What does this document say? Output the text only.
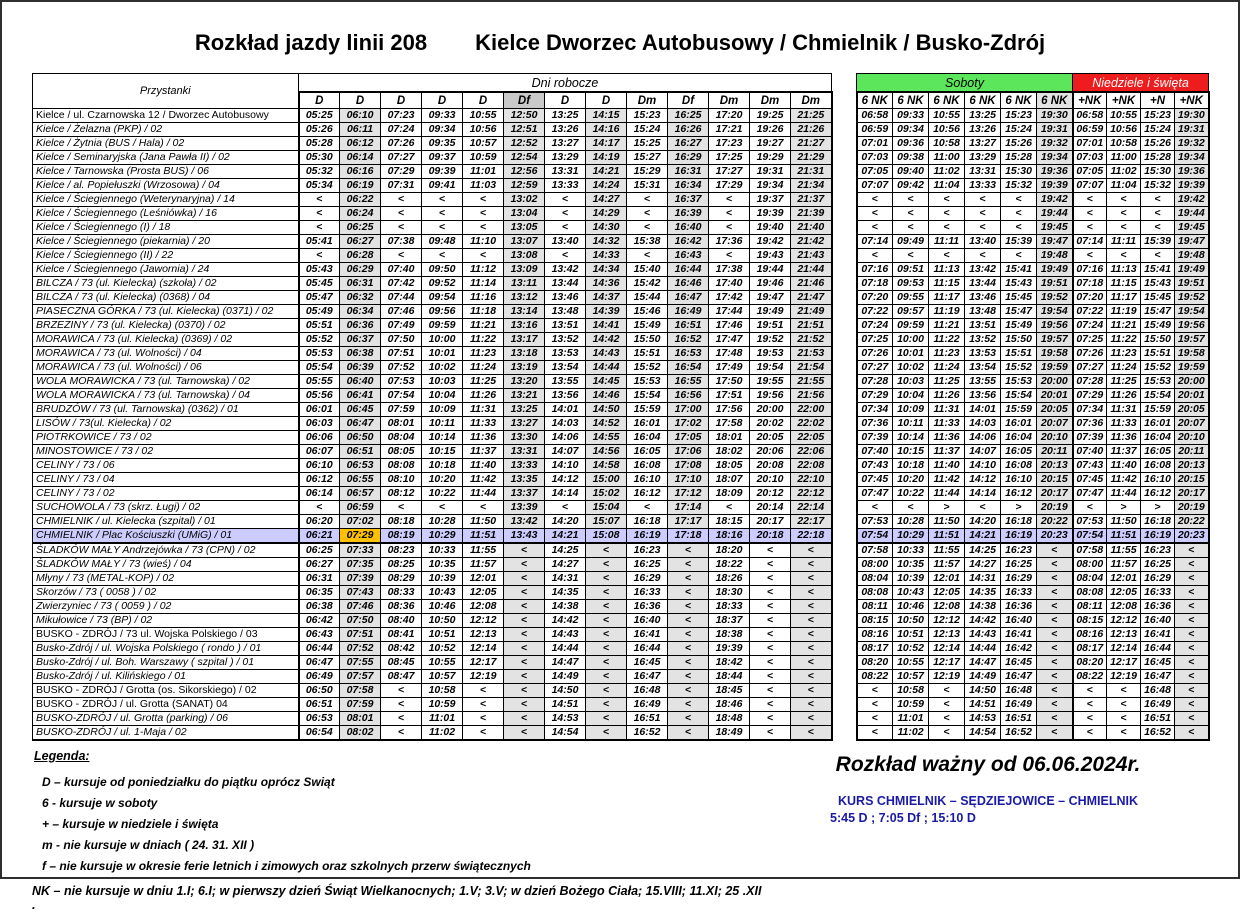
Rozkład jazdy linii 208 Kielce Dworzec Autobusowy / Chmielnik / Busko-Zdrój
Przystanki	Dni robocze														Soboty						Niedziele i święta			
	D	D	D	D	D	Df	D	D	Dm	Df	Dm	Dm	Dm		6 NK	6 NK	6 NK	6 NK	6 NK	6 NK	+NK	+NK	+N	+NK
Kielce / ul. Czarnowska 12 / Dworzec Autobusowy	05:25	06:10	07:23	09:33	10:55	12:50	13:25	14:15	15:23	16:25	17:20	19:25	21:25		06:58	09:33	10:55	13:25	15:23	19:30	06:58	10:55	15:23	19:30
Kielce / Żelazna (PKP) / 02	05:26	06:11	07:24	09:34	10:56	12:51	13:26	14:16	15:24	16:26	17:21	19:26	21:26		06:59	09:34	10:56	13:26	15:24	19:31	06:59	10:56	15:24	19:31
Kielce / Żytnia (BUS / Hala) / 02	05:28	06:12	07:26	09:35	10:57	12:52	13:27	14:17	15:25	16:27	17:23	19:27	21:27		07:01	09:36	10:58	13:27	15:26	19:32	07:01	10:58	15:26	19:32
Kielce / Seminaryjska (Jana Pawła II) / 02	05:30	06:14	07:27	09:37	10:59	12:54	13:29	14:19	15:27	16:29	17:25	19:29	21:29		07:03	09:38	11:00	13:29	15:28	19:34	07:03	11:00	15:28	19:34
Kielce / Tarnowska (Prosta BUS) / 06	05:32	06:16	07:29	09:39	11:01	12:56	13:31	14:21	15:29	16:31	17:27	19:31	21:31		07:05	09:40	11:02	13:31	15:30	19:36	07:05	11:02	15:30	19:36
Kielce / al. Popiełuszki (Wrzosowa) / 04	05:34	06:19	07:31	09:41	11:03	12:59	13:33	14:24	15:31	16:34	17:29	19:34	21:34		07:07	09:42	11:04	13:33	15:32	19:39	07:07	11:04	15:32	19:39
Kielce / Ściegiennego (Weterynaryjna) / 14	<	06:22	<	<	<	13:02	<	14:27	<	16:37	<	19:37	21:37		<	<	<	<	<	19:42	<	<	<	19:42
Kielce / Ściegiennego (Leśniówka) / 16	<	06:24	<	<	<	13:04	<	14:29	<	16:39	<	19:39	21:39		<	<	<	<	<	19:44	<	<	<	19:44
Kielce / Ściegiennego (I) / 18	<	06:25	<	<	<	13:05	<	14:30	<	16:40	<	19:40	21:40		<	<	<	<	<	19:45	<	<	<	19:45
Kielce / Ściegiennego (piekarnia) / 20	05:41	06:27	07:38	09:48	11:10	13:07	13:40	14:32	15:38	16:42	17:36	19:42	21:42		07:14	09:49	11:11	13:40	15:39	19:47	07:14	11:11	15:39	19:47
Kielce / Ściegiennego (II) / 22	<	06:28	<	<	<	13:08	<	14:33	<	16:43	<	19:43	21:43		<	<	<	<	<	19:48	<	<	<	19:48
Kielce / Ściegiennego (Jawornia) / 24	05:43	06:29	07:40	09:50	11:12	13:09	13:42	14:34	15:40	16:44	17:38	19:44	21:44		07:16	09:51	11:13	13:42	15:41	19:49	07:16	11:13	15:41	19:49
BILCZA / 73 (ul. Kielecka) (szkoła) / 02	05:45	06:31	07:42	09:52	11:14	13:11	13:44	14:36	15:42	16:46	17:40	19:46	21:46		07:18	09:53	11:15	13:44	15:43	19:51	07:18	11:15	15:43	19:51
BILCZA / 73 (ul. Kielecka) (0368) / 04	05:47	06:32	07:44	09:54	11:16	13:12	13:46	14:37	15:44	16:47	17:42	19:47	21:47		07:20	09:55	11:17	13:46	15:45	19:52	07:20	11:17	15:45	19:52
PIASECZNA GÓRKA / 73 (ul. Kielecka) (0371) / 02	05:49	06:34	07:46	09:56	11:18	13:14	13:48	14:39	15:46	16:49	17:44	19:49	21:49		07:22	09:57	11:19	13:48	15:47	19:54	07:22	11:19	15:47	19:54
BRZEZINY / 73 (ul. Kielecka) (0370) / 02	05:51	06:36	07:49	09:59	11:21	13:16	13:51	14:41	15:49	16:51	17:46	19:51	21:51		07:24	09:59	11:21	13:51	15:49	19:56	07:24	11:21	15:49	19:56
MORAWICA / 73 (ul. Kielecka) (0369) / 02	05:52	06:37	07:50	10:00	11:22	13:17	13:52	14:42	15:50	16:52	17:47	19:52	21:52		07:25	10:00	11:22	13:52	15:50	19:57	07:25	11:22	15:50	19:57
MORAWICA / 73 (ul. Wolności) / 04	05:53	06:38	07:51	10:01	11:23	13:18	13:53	14:43	15:51	16:53	17:48	19:53	21:53		07:26	10:01	11:23	13:53	15:51	19:58	07:26	11:23	15:51	19:58
MORAWICA / 73 (ul. Wolności) / 06	05:54	06:39	07:52	10:02	11:24	13:19	13:54	14:44	15:52	16:54	17:49	19:54	21:54		07:27	10:02	11:24	13:54	15:52	19:59	07:27	11:24	15:52	19:59
WOLA MORAWICKA / 73 (ul. Tarnowska) / 02	05:55	06:40	07:53	10:03	11:25	13:20	13:55	14:45	15:53	16:55	17:50	19:55	21:55		07:28	10:03	11:25	13:55	15:53	20:00	07:28	11:25	15:53	20:00
WOLA MORAWICKA / 73 (ul. Tarnowska) / 04	05:56	06:41	07:54	10:04	11:26	13:21	13:56	14:46	15:54	16:56	17:51	19:56	21:56		07:29	10:04	11:26	13:56	15:54	20:01	07:29	11:26	15:54	20:01
BRUDZÓW / 73 (ul. Tarnowska) (0362) / 01	06:01	06:45	07:59	10:09	11:31	13:25	14:01	14:50	15:59	17:00	17:56	20:00	22:00		07:34	10:09	11:31	14:01	15:59	20:05	07:34	11:31	15:59	20:05
LISÓW / 73(ul. Kielecka) / 02	06:03	06:47	08:01	10:11	11:33	13:27	14:03	14:52	16:01	17:02	17:58	20:02	22:02		07:36	10:11	11:33	14:03	16:01	20:07	07:36	11:33	16:01	20:07
PIOTRKOWICE / 73 / 02	06:06	06:50	08:04	10:14	11:36	13:30	14:06	14:55	16:04	17:05	18:01	20:05	22:05		07:39	10:14	11:36	14:06	16:04	20:10	07:39	11:36	16:04	20:10
MINOSTOWICE / 73 / 02	06:07	06:51	08:05	10:15	11:37	13:31	14:07	14:56	16:05	17:06	18:02	20:06	22:06		07:40	10:15	11:37	14:07	16:05	20:11	07:40	11:37	16:05	20:11
CELINY / 73 / 06	06:10	06:53	08:08	10:18	11:40	13:33	14:10	14:58	16:08	17:08	18:05	20:08	22:08		07:43	10:18	11:40	14:10	16:08	20:13	07:43	11:40	16:08	20:13
CELINY / 73 / 04	06:12	06:55	08:10	10:20	11:42	13:35	14:12	15:00	16:10	17:10	18:07	20:10	22:10		07:45	10:20	11:42	14:12	16:10	20:15	07:45	11:42	16:10	20:15
CELINY / 73 / 02	06:14	06:57	08:12	10:22	11:44	13:37	14:14	15:02	16:12	17:12	18:09	20:12	22:12		07:47	10:22	11:44	14:14	16:12	20:17	07:47	11:44	16:12	20:17
SUCHOWOLA / 73 (skrz. Ługi) / 02	<	06:59	<	<	<	13:39	<	15:04	<	17:14	<	20:14	22:14		<	<	>	<	>	20:19	<	>	>	20:19
CHMIELNIK / ul. Kielecka (szpital) / 01	06:20	07:02	08:18	10:28	11:50	13:42	14:20	15:07	16:18	17:17	18:15	20:17	22:17		07:53	10:28	11:50	14:20	16:18	20:22	07:53	11:50	16:18	20:22
CHMIELNIK / Plac Kościuszki (UMiG) / 01	06:21	07:29	08:19	10:29	11:51	13:43	14:21	15:08	16:19	17:18	18:16	20:18	22:18		07:54	10:29	11:51	14:21	16:19	20:23	07:54	11:51	16:19	20:23
ŚLADKÓW MAŁY Andrzejówka / 73 (CPN) / 02	06:25	07:33	08:23	10:33	11:55	<	14:25	<	16:23	<	18:20	<	<		07:58	10:33	11:55	14:25	16:23	<	07:58	11:55	16:23	<
ŚLADKÓW MAŁY / 73 (wieś) / 04	06:27	07:35	08:25	10:35	11:57	<	14:27	<	16:25	<	18:22	<	<		08:00	10:35	11:57	14:27	16:25	<	08:00	11:57	16:25	<
Młyny / 73 (METAL-KOP) / 02	06:31	07:39	08:29	10:39	12:01	<	14:31	<	16:29	<	18:26	<	<		08:04	10:39	12:01	14:31	16:29	<	08:04	12:01	16:29	<
Skorzów / 73 ( 0058 ) / 02	06:35	07:43	08:33	10:43	12:05	<	14:35	<	16:33	<	18:30	<	<		08:08	10:43	12:05	14:35	16:33	<	08:08	12:05	16:33	<
Zwierzyniec / 73 ( 0059 ) / 02	06:38	07:46	08:36	10:46	12:08	<	14:38	<	16:36	<	18:33	<	<		08:11	10:46	12:08	14:38	16:36	<	08:11	12:08	16:36	<
Mikułowice / 73 (BP) / 02	06:42	07:50	08:40	10:50	12:12	<	14:42	<	16:40	<	18:37	<	<		08:15	10:50	12:12	14:42	16:40	<	08:15	12:12	16:40	<
BUSKO - ZDRÓJ / 73 ul. Wojska Polskiego / 03	06:43	07:51	08:41	10:51	12:13	<	14:43	<	16:41	<	18:38	<	<		08:16	10:51	12:13	14:43	16:41	<	08:16	12:13	16:41	<
Busko-Zdrój / ul. Wojska Polskiego ( rondo ) / 01	06:44	07:52	08:42	10:52	12:14	<	14:44	<	16:44	<	19:39	<	<		08:17	10:52	12:14	14:44	16:42	<	08:17	12:14	16:44	<
Busko-Zdrój / ul. Boh. Warszawy ( szpital ) / 01	06:47	07:55	08:45	10:55	12:17	<	14:47	<	16:45	<	18:42	<	<		08:20	10:55	12:17	14:47	16:45	<	08:20	12:17	16:45	<
Busko-Zdrój / ul. Kilińskiego / 01	06:49	07:57	08:47	10:57	12:19	<	14:49	<	16:47	<	18:44	<	<		08:22	10:57	12:19	14:49	16:47	<	08:22	12:19	16:47	<
BUSKO - ZDRÓJ / Grotta (os. Sikorskiego) / 02	06:50	07:58	<	10:58	<	<	14:50	<	16:48	<	18:45	<	<		<	10:58	<	14:50	16:48	<	<	<	16:48	<
BUSKO - ZDRÓJ / ul. Grotta (SANAT) 04	06:51	07:59	<	10:59	<	<	14:51	<	16:49	<	18:46	<	<		<	10:59	<	14:51	16:49	<	<	<	16:49	<
BUSKO-ZDRÓJ / ul. Grotta (parking) / 06	06:53	08:01	<	11:01	<	<	14:53	<	16:51	<	18:48	<	<		<	11:01	<	14:53	16:51	<	<	<	16:51	<
BUSKO-ZDRÓJ / ul. 1-Maja / 02	06:54	08:02	<	11:02	<	<	14:54	<	16:52	<	18:49	<	<		<	11:02	<	14:54	16:52	<	<	<	16:52	<
Legenda:
D – kursuje od poniedziałku do piątku oprócz Swiąt
6 - kursuje w soboty
+ – kursuje w niedziele i święta
m - nie kursuje w dniach ( 24. 31. XII )
f – nie kursuje w okresie ferie letnich i zimowych oraz szkolnych przerw świątecznych
NK – nie kursuje w dniu 1.I; 6.I; w pierwszy dzień Świąt Wielkanocnych; 1.V; 3.V; w dzień Bożego Ciała; 15.VIII; 11.XI; 25 .XII .
Rozkład ważny od 06.06.2024r.
KURS CHMIELNIK – SĘDZIEJOWICE – CHMIELNIK
5:45 D ; 7:05 Df ; 15:10 D
